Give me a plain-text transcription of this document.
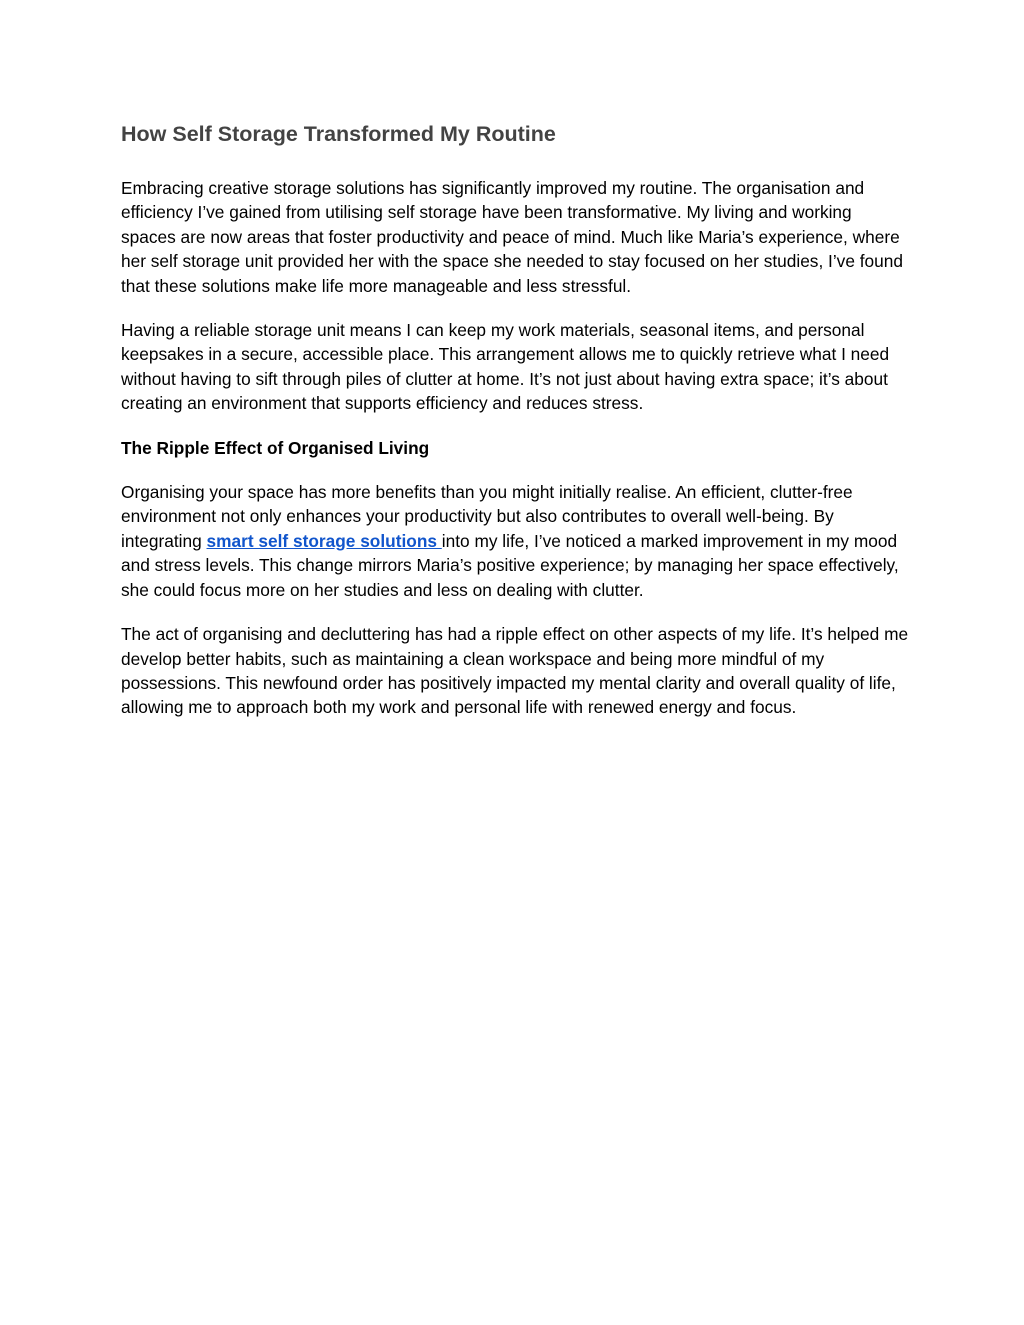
How Self Storage Transformed My Routine

Embracing creative storage solutions has significantly improved my routine. The organisation and efficiency I’ve gained from utilising self storage have been transformative. My living and working spaces are now areas that foster productivity and peace of mind. Much like Maria’s experience, where her self storage unit provided her with the space she needed to stay focused on her studies, I’ve found that these solutions make life more manageable and less stressful.

Having a reliable storage unit means I can keep my work materials, seasonal items, and personal keepsakes in a secure, accessible place. This arrangement allows me to quickly retrieve what I need without having to sift through piles of clutter at home. It’s not just about having extra space; it’s about creating an environment that supports efficiency and reduces stress.

The Ripple Effect of Organised Living

Organising your space has more benefits than you might initially realise. An efficient, clutter-free environment not only enhances your productivity but also contributes to overall well-being. By integrating smart self storage solutions into my life, I’ve noticed a marked improvement in my mood and stress levels. This change mirrors Maria’s positive experience; by managing her space effectively, she could focus more on her studies and less on dealing with clutter.

The act of organising and decluttering has had a ripple effect on other aspects of my life. It’s helped me develop better habits, such as maintaining a clean workspace and being more mindful of my possessions. This newfound order has positively impacted my mental clarity and overall quality of life, allowing me to approach both my work and personal life with renewed energy and focus.
